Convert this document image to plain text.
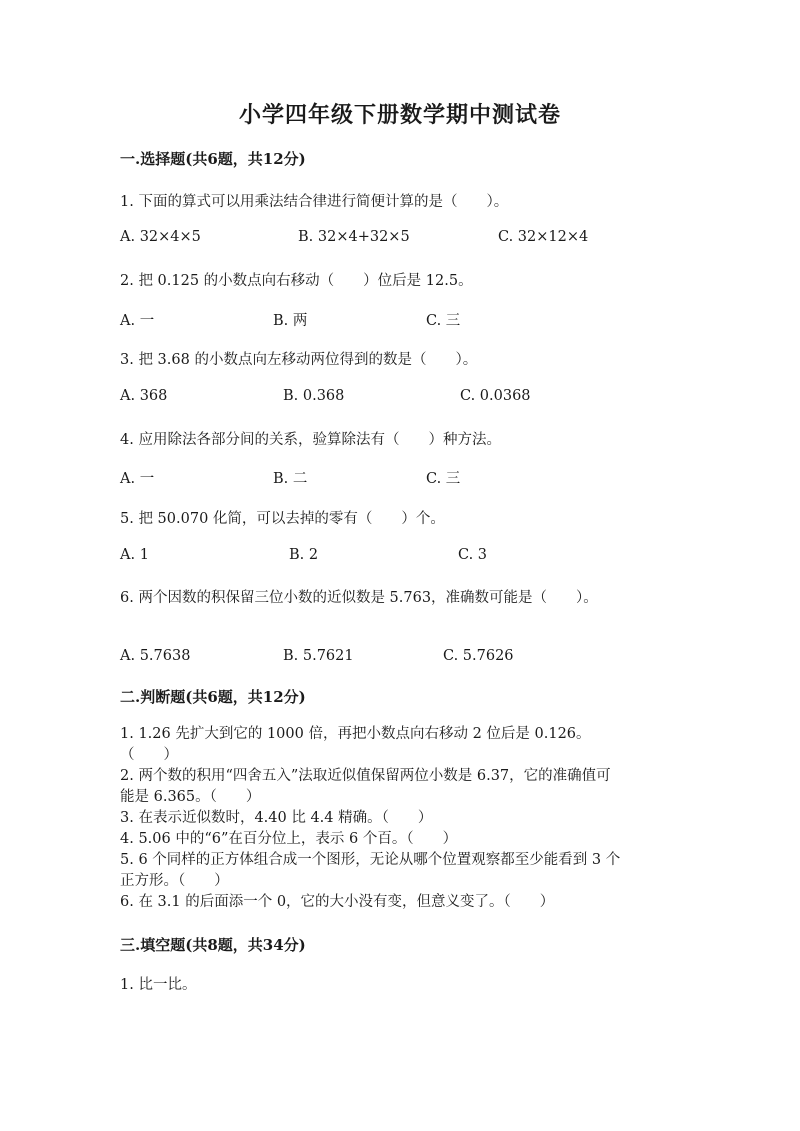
小学四年级下册数学期中测试卷
一.选择题(共6题，共12分)
1. 下面的算式可以用乘法结合律进行简便计算的是（　　）。
A. 32×4×5	B. 32×4+32×5	C. 32×12×4
2. 把 0.125 的小数点向右移动（　　）位后是 12.5。
A. 一	B. 两	C. 三
3. 把 3.68 的小数点向左移动两位得到的数是（　　）。
A. 368	B. 0.368	C. 0.0368
4. 应用除法各部分间的关系，验算除法有（　　）种方法。
A. 一	B. 二	C. 三
5. 把 50.070 化简，可以去掉的零有（　　）个。
A. 1	B. 2	C. 3
6. 两个因数的积保留三位小数的近似数是 5.763，准确数可能是（　　）。
A. 5.7638	B. 5.7621	C. 5.7626
二.判断题(共6题，共12分)
1. 1.26 先扩大到它的 1000 倍，再把小数点向右移动 2 位后是 0.126。
（　　）
2. 两个数的积用“四舍五入”法取近似值保留两位小数是 6.37，它的准确值可
能是 6.365。（　　）
3. 在表示近似数时，4.40 比 4.4 精确。（　　）
4. 5.06 中的“6”在百分位上，表示 6 个百。（　　）
5. 6 个同样的正方体组合成一个图形，无论从哪个位置观察都至少能看到 3 个
正方形。（　　）
6. 在 3.1 的后面添一个 0，它的大小没有变，但意义变了。（　　）
三.填空题(共8题，共34分)
1. 比一比。
